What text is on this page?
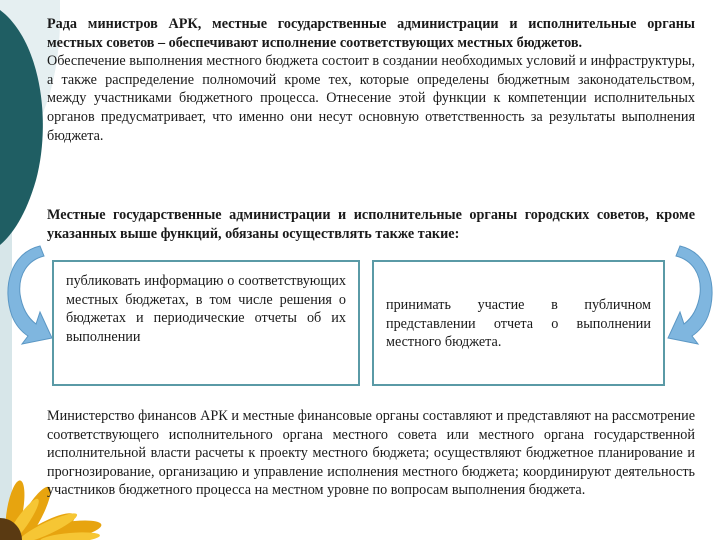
Рада министров АРК, местные государственные администрации и исполнительные органы местных советов – обеспечивают исполнение соответствующих местных бюджетов.
Обеспечение выполнения местного бюджета состоит в создании необходимых условий и инфраструктуры, а также распределение полномочий кроме тех, которые определены бюджетным законодательством, между участниками бюджетного процесса. Отнесение этой функции к компетенции исполнительных органов предусматривает, что именно они несут основную ответственность за результаты выполнения бюджета.
Местные государственные администрации и исполнительные органы городских советов, кроме указанных выше функций, обязаны осуществлять также такие:
публиковать информацию о соответствующих местных бюджетах, в том числе решения о бюджетах и периодические отчеты об их выполнении
принимать участие в публичном представлении отчета о выполнении местного бюджета.
Министерство финансов АРК и местные финансовые органы составляют и представляют на рассмотрение соответствующего исполнительного органа местного совета или местного органа государственной исполнительной власти расчеты к проекту местного бюджета; осуществляют бюджетное планирование и прогнозирование, организацию и управление исполнения местного бюджета; координируют деятельность участников бюджетного процесса на местном уровне по вопросам выполнения бюджета.
